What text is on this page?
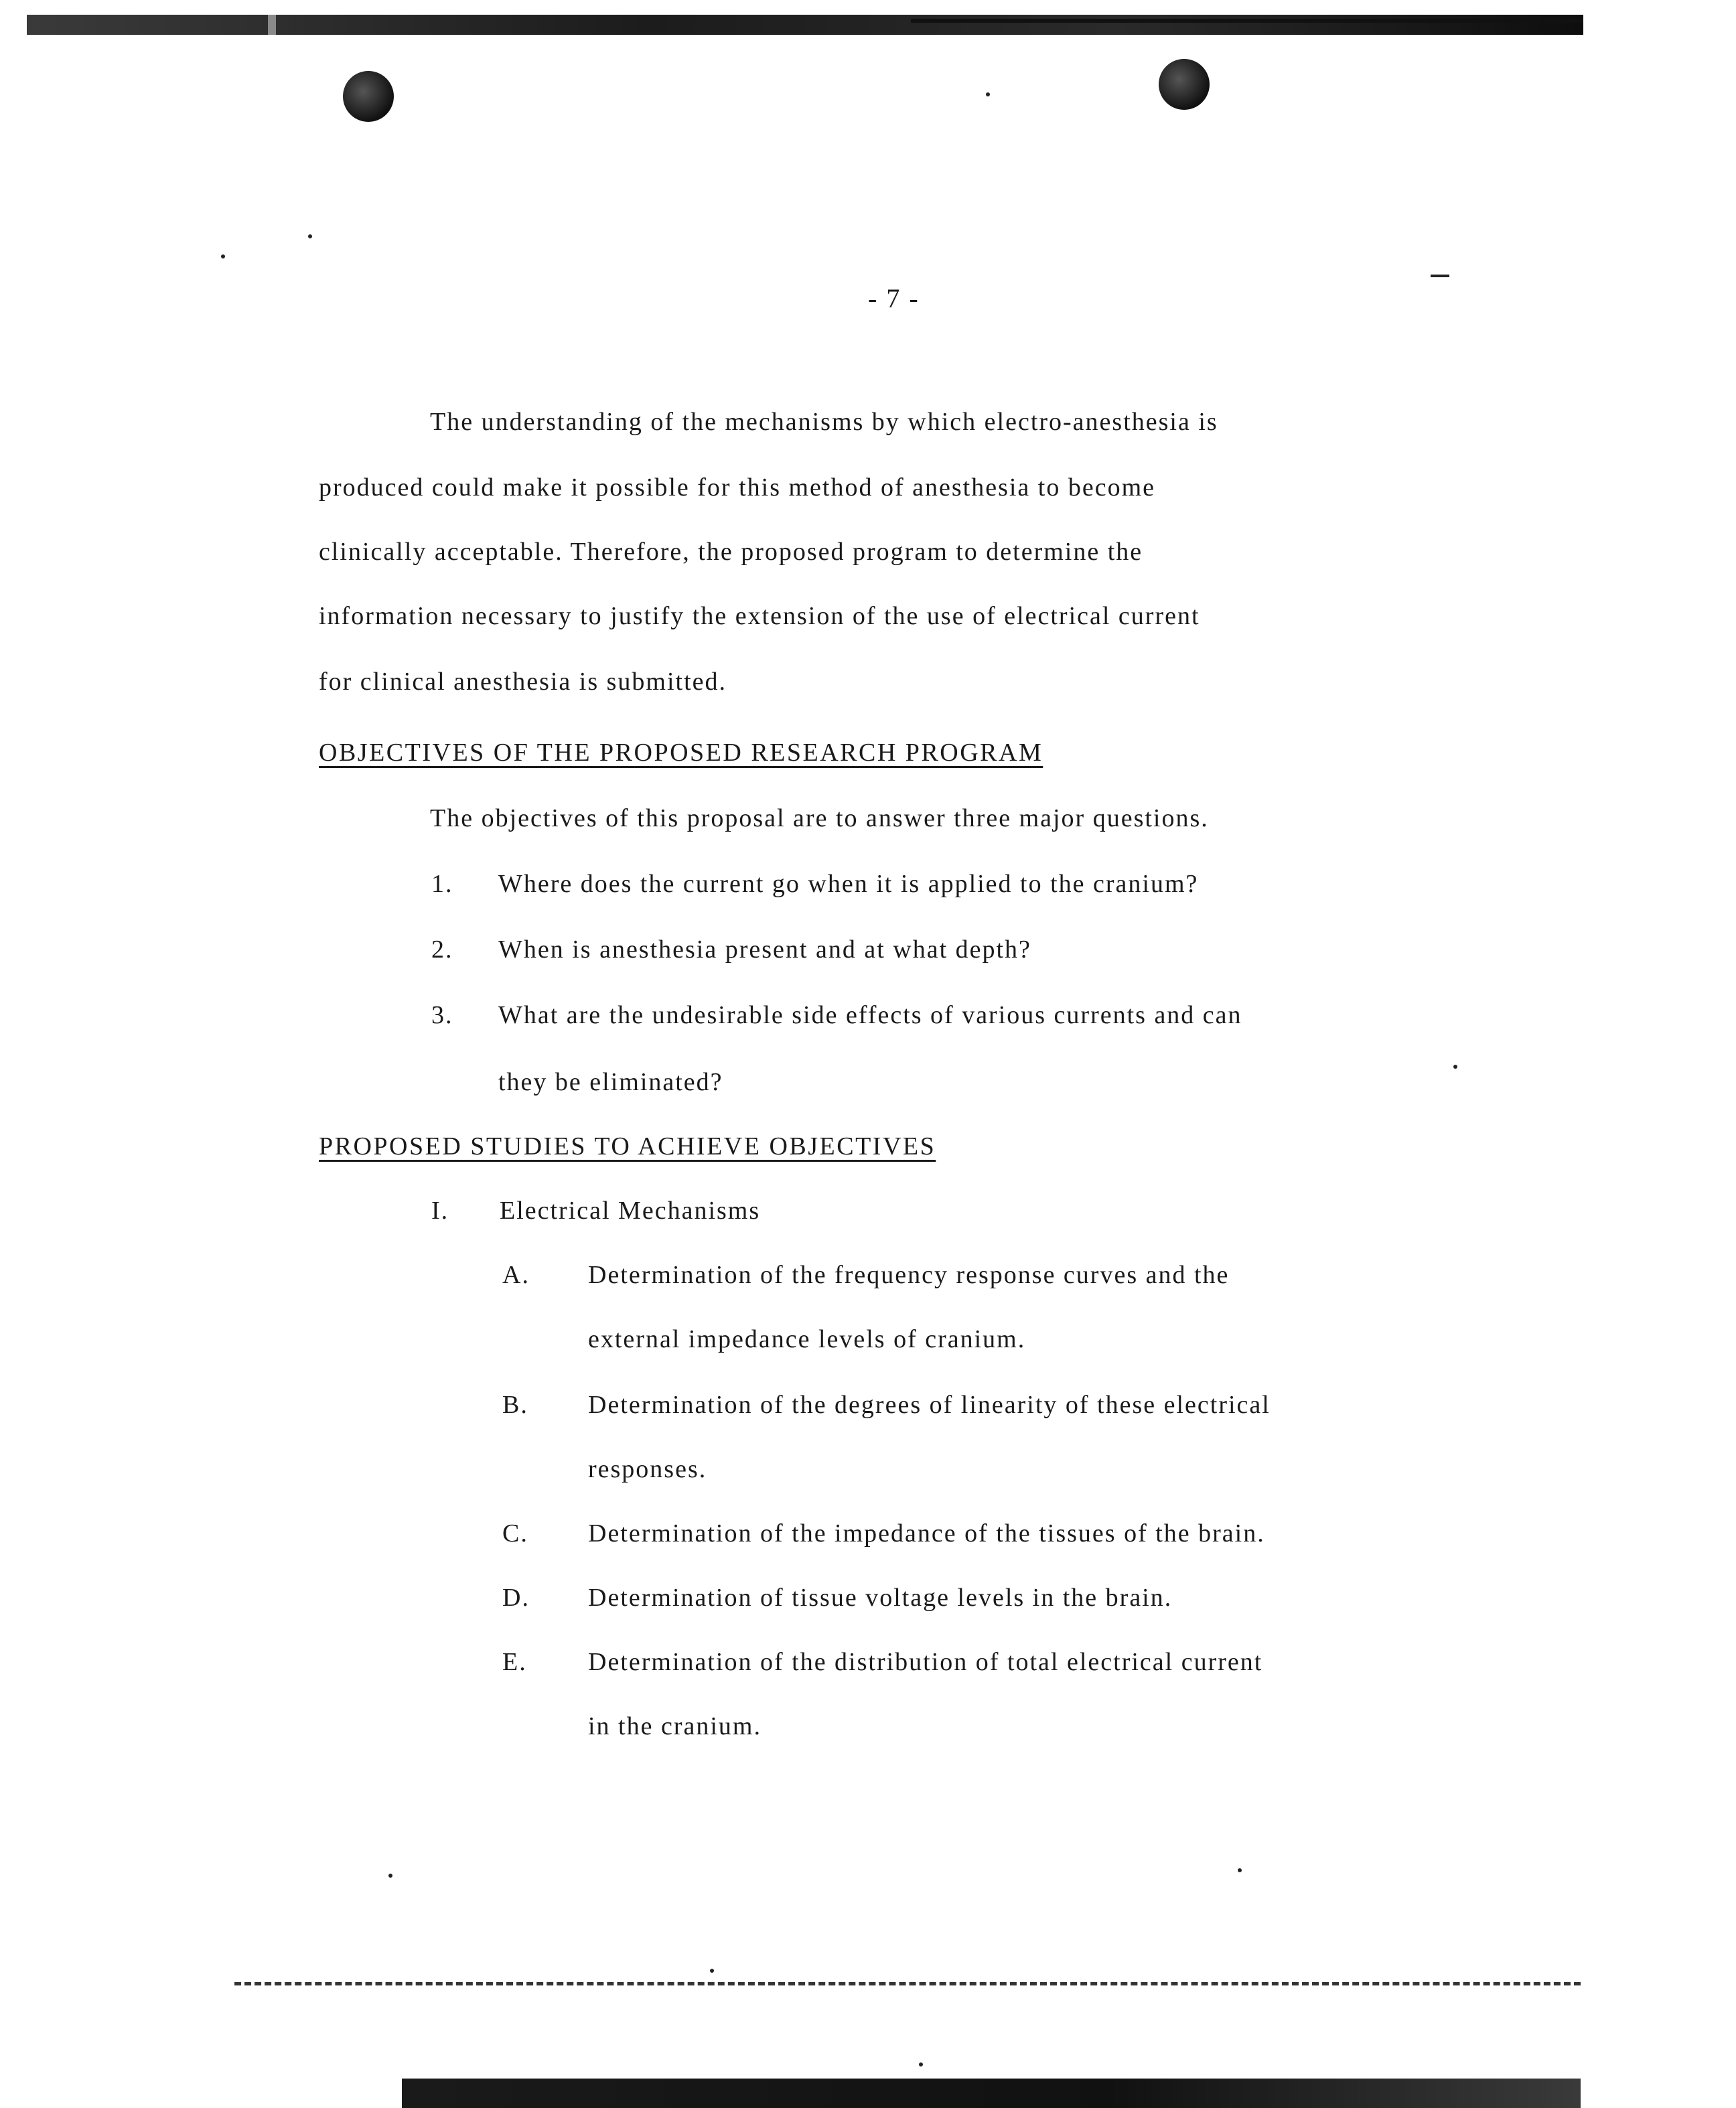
- 7 -
The understanding of the mechanisms by which electro-anesthesia is
produced could make it possible for this method of anesthesia to become
clinically acceptable. Therefore, the proposed program to determine the
information necessary to justify the extension of the use of electrical current
for clinical anesthesia is submitted.
OBJECTIVES OF THE PROPOSED RESEARCH PROGRAM
The objectives of this proposal are to answer three major questions.
1. Where does the current go when it is applied to the cranium?
2. When is anesthesia present and at what depth?
3. What are the undesirable side effects of various currents and can
they be eliminated?
PROPOSED STUDIES TO ACHIEVE OBJECTIVES
I. Electrical Mechanisms
A. Determination of the frequency response curves and the
external impedance levels of cranium.
B. Determination of the degrees of linearity of these electrical
responses.
C. Determination of the impedance of the tissues of the brain.
D. Determination of tissue voltage levels in the brain.
E. Determination of the distribution of total electrical current
in the cranium.
